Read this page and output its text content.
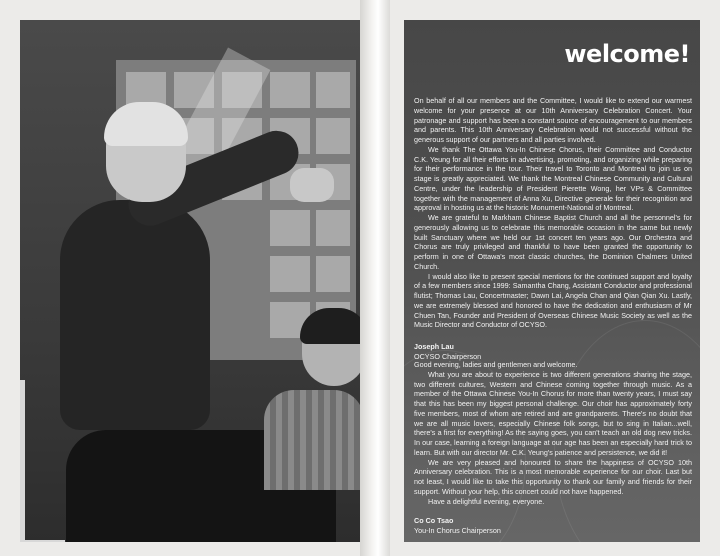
welcome!

On behalf of all our members and the Committee, I would like to extend our warmest welcome for your presence at our 10th Anniversary Celebration Concert. Your patronage and support has been a constant source of encouragement to our members and parents. This 10th Anniversary Celebration would not successful without the generous support of our partners and all parties involved.

We thank The Ottawa You-In Chinese Chorus, their Committee and Conductor C.K. Yeung for all their efforts in advertising, promoting, and organizing while preparing for their performance in the tour. Their travel to Toronto and Montreal to join us on stage is greatly appreciated. We thank the Montreal Chinese Community and Cultural Centre, under the leadership of President Pierette Wong, her VPs & Committee together with the management of Anna Xu, Directive generale for their recognition and approval in hosting us at the historic Monument-National of Montreal.

We are grateful to Markham Chinese Baptist Church and all the personnel's for generously allowing us to celebrate this memorable occasion in the same but newly built Sanctuary where we held our 1st concert ten years ago. Our Orchestra and Chorus are truly privileged and thankful to have been granted the opportunity to perform in one of Ottawa's most classic churches, the Dominion Chalmers United Church.

I would also like to present special mentions for the continued support and loyalty of a few members since 1999: Samantha Chang, Assistant Conductor and professional flutist; Thomas Lau, Concertmaster; Dawn Lai, Angela Chan and Qian Qian Xu. Lastly, we are extremely blessed and honored to have the dedication and enthusiasm of Mr Chuen Tan, Founder and President of Overseas Chinese Music Society as well as the Music Director and Conductor of OCYSO.

Joseph Lau
OCYSO Chairperson

Good evening, ladies and gentlemen and welcome.

What you are about to experience is two different generations sharing the stage, two different cultures, Western and Chinese coming together through music. As a member of the Ottawa Chinese You-In Chorus for more than twenty years, I must say that this has been my biggest personal challenge. Our choir has approximately forty five members, most of whom are retired and are grandparents. There's no doubt that we are all music lovers, especially Chinese folk songs, but to sing in Italian...well, there's a first for everything! As the saying goes, you can't teach an old dog new tricks. In our case, learning a foreign language at our age has been an especially hard trick to learn. But with our director Mr. C.K. Yeung's patience and persistence, we did it!

We are very pleased and honoured to share the happiness of OCYSO 10th Anniversary celebration. This is a most memorable experience for our choir. Last but not least, I would like to take this opportunity to thank our family and friends for their support. Without your help, this concert could not have happened.

Have a delightful evening, everyone.

Co Co Tsao
You-In Chorus Chairperson
